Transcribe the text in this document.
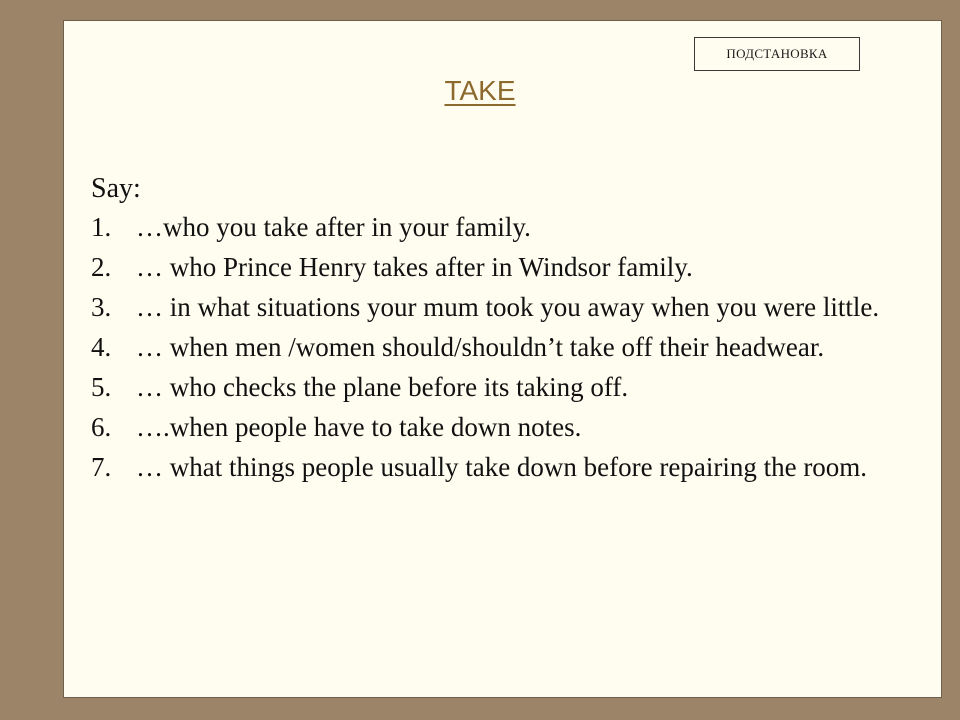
ПОДСТАНОВКА
TAKE
Say:
1. …who you take after in your family.
2. … who Prince Henry takes after in Windsor family.
3. … in what situations your mum took you away when you were little.
4. … when men /women should/shouldn’t take off their headwear.
5. … who checks the plane before its taking off.
6. ….when people have to take down notes.
7. … what things people usually take down before repairing the room.
